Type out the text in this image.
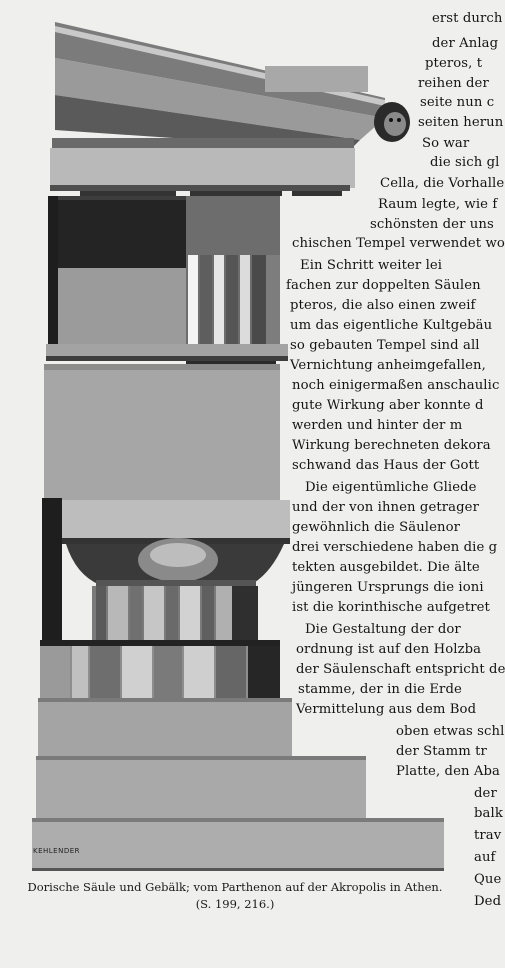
KEHLENDER
erst durch
der Anlag
pteros, t
reihen der
seite nun c
seiten herun
So war
die sich gl
Cella, die Vorhalle
Raum legte, wie f
schönsten der uns
chischen Tempel verwendet wo
Ein Schritt weiter lei
fachen zur doppelten Säulen
pteros, die also einen zweif
um das eigentliche Kultgebäu
so gebauten Tempel sind all
Vernichtung anheimgefallen,
noch einigermaßen anschaulic
gute Wirkung aber konnte d
werden und hinter der m
Wirkung berechneten dekora
schwand das Haus der Gott
Die eigentümliche Gliede
und der von ihnen getrager
gewöhnlich die Säulenor
drei verschiedene haben die g
tekten ausgebildet. Die älte
jüngeren Ursprungs die ioni
ist die korinthische aufgetret
Die Gestaltung der dor
ordnung ist auf den Holzba
der Säulenschaft entspricht de
stamme, der in die Erde
Vermittelung aus dem Bod
oben etwas schl
der Stamm tr
Platte, den Aba
der
balk
trav
auf
Que
Ded
Dorische Säule und Gebälk; vom Parthenon auf der Akropolis in Athen.
(S. 199, 216.)
